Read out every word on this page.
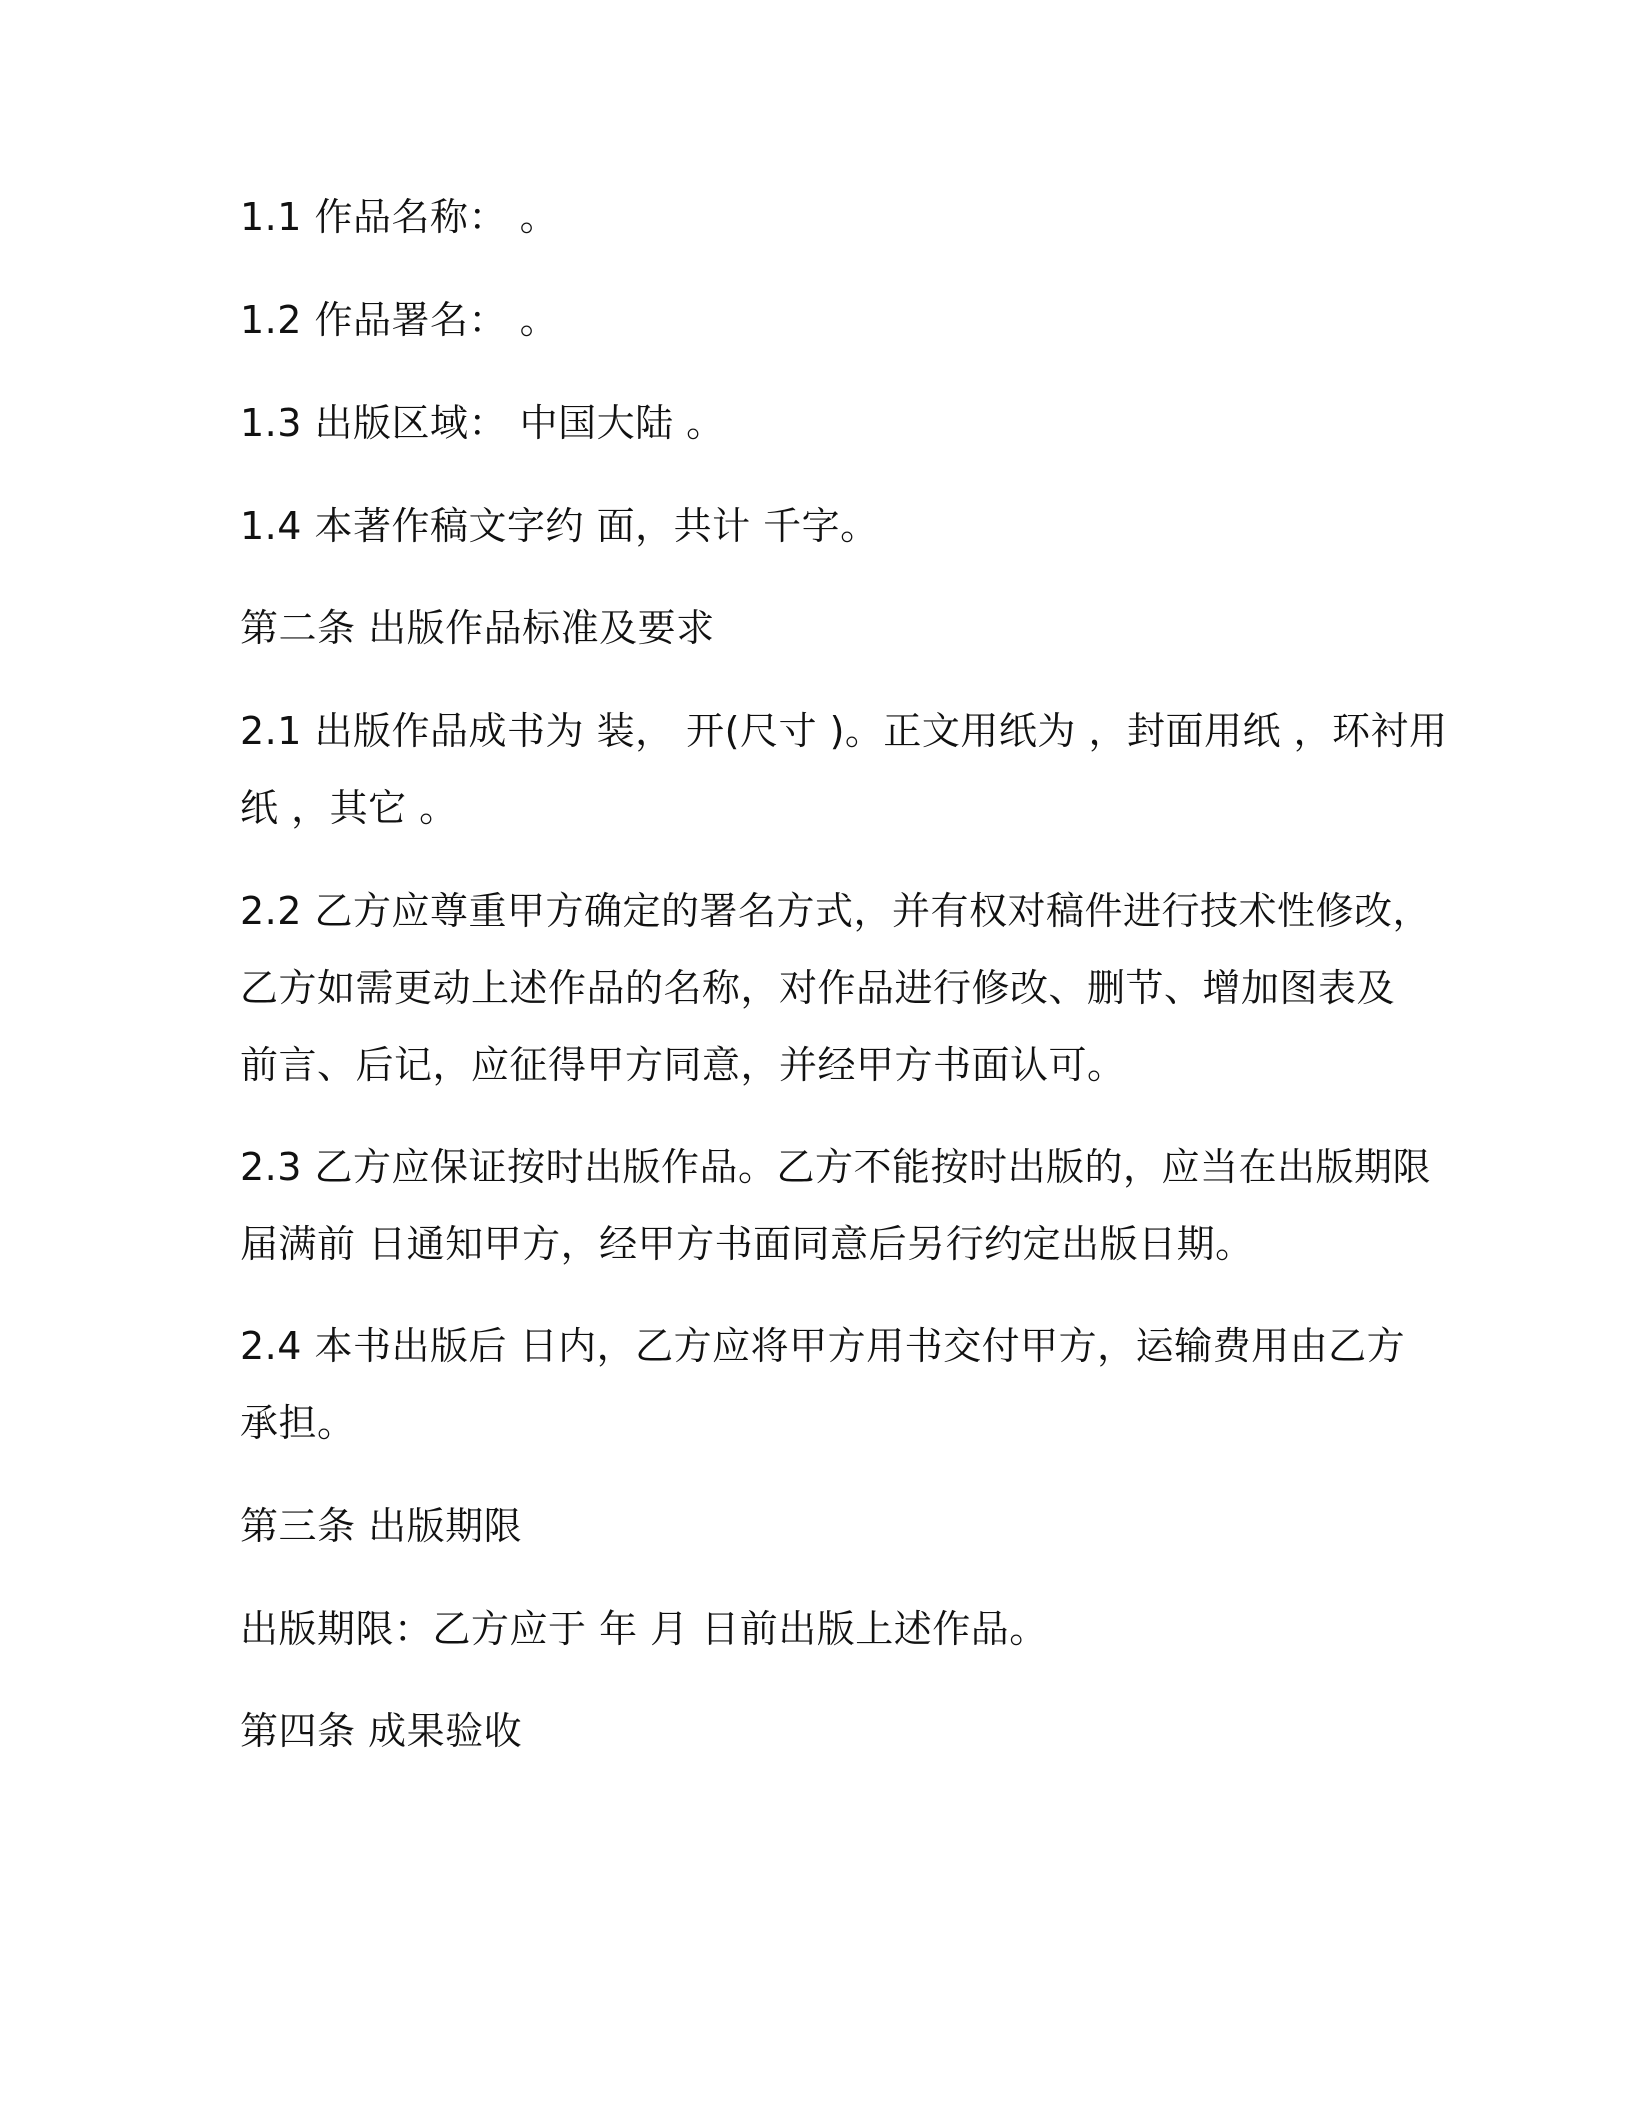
1.1 作品名称： 。
1.2 作品署名： 。
1.3 出版区域： 中国大陆 。
1.4 本著作稿文字约 面，共计 千字。
第二条 出版作品标准及要求
2.1 出版作品成书为 装， 开(尺寸 )。正文用纸为 ，封面用纸 ，环衬用
纸 ，其它 。
2.2 乙方应尊重甲方确定的署名方式，并有权对稿件进行技术性修改，
乙方如需更动上述作品的名称，对作品进行修改、删节、增加图表及
前言、后记，应征得甲方同意，并经甲方书面认可。
2.3 乙方应保证按时出版作品。乙方不能按时出版的，应当在出版期限
届满前 日通知甲方，经甲方书面同意后另行约定出版日期。
2.4 本书出版后 日内，乙方应将甲方用书交付甲方，运输费用由乙方
承担。
第三条 出版期限
出版期限：乙方应于 年 月 日前出版上述作品。
第四条 成果验收
